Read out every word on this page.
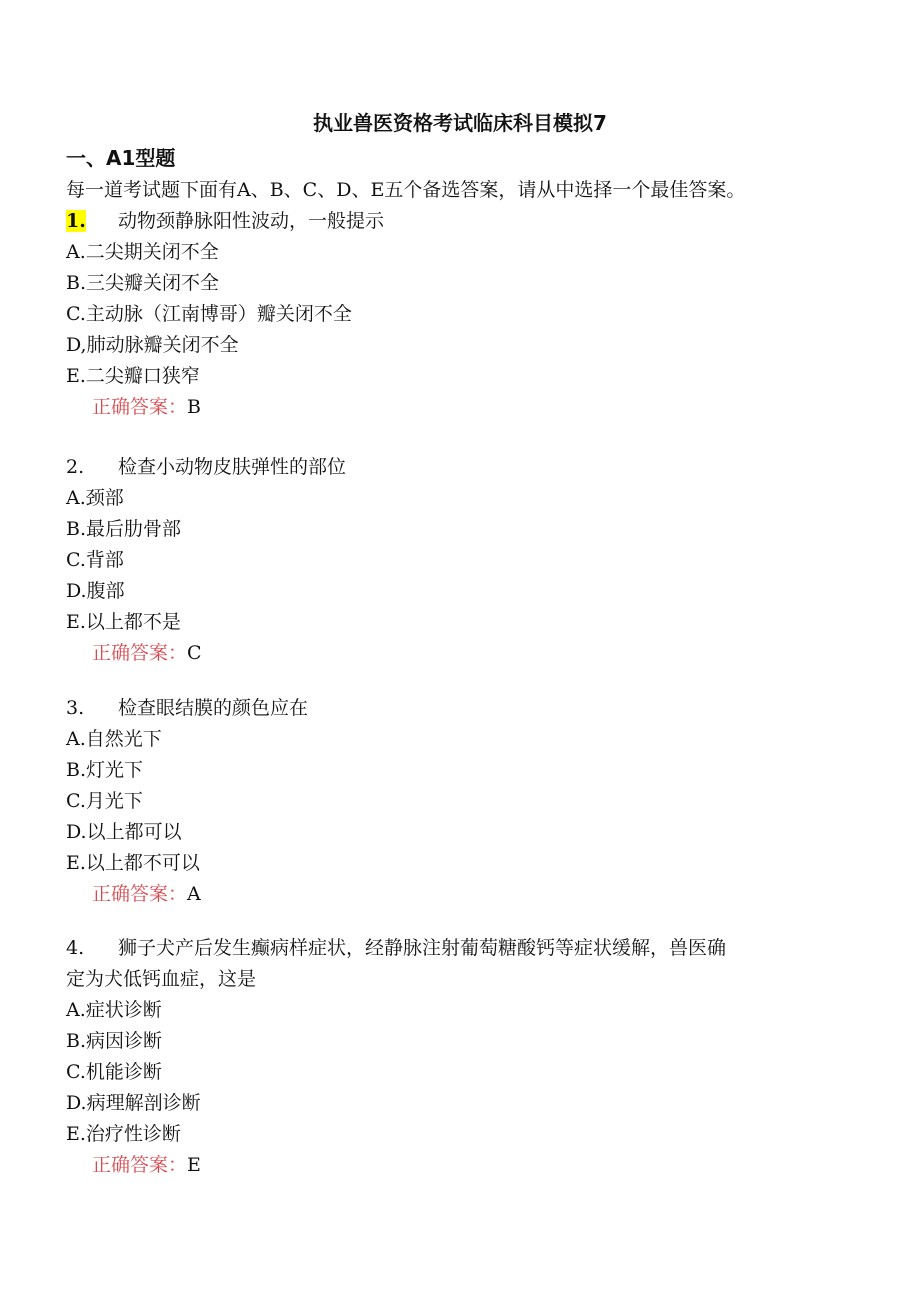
执业兽医资格考试临床科目模拟7
一、A1型题
每一道考试题下面有A、B、C、D、E五个备选答案，请从中选择一个最佳答案。
1. 动物颈静脉阳性波动，一般提示
A.二尖期关闭不全
B.三尖瓣关闭不全
C.主动脉（江南博哥）瓣关闭不全
D,肺动脉瓣关闭不全
E.二尖瓣口狭窄
正确答案：B
2. 检查小动物皮肤弹性的部位
A.颈部
B.最后肋骨部
C.背部
D.腹部
E.以上都不是
正确答案：C
3. 检查眼结膜的颜色应在
A.自然光下
B.灯光下
C.月光下
D.以上都可以
E.以上都不可以
正确答案：A
4. 狮子犬产后发生癫病样症状，经静脉注射葡萄糖酸钙等症状缓解，兽医确
定为犬低钙血症，这是
A.症状诊断
B.病因诊断
C.机能诊断
D.病理解剖诊断
E.治疗性诊断
正确答案：E
